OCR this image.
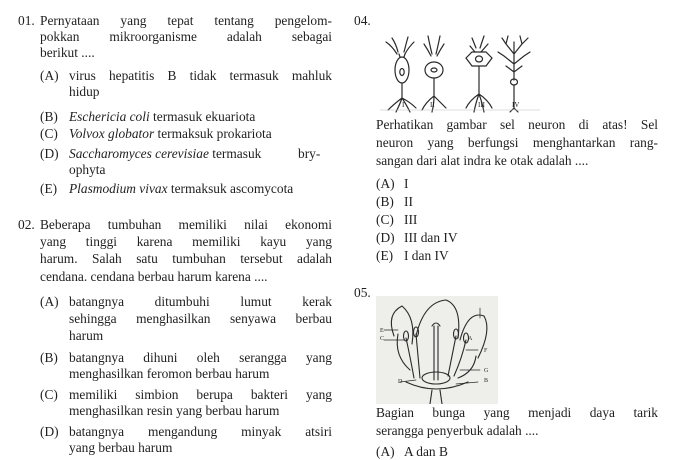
01. Pernyataan yang tepat tentang pengelom-
pokkan mikroorganisme adalah sebagai
berikut ....
(A) virus hepatitis B tidak termasuk mahluk
hidup
(B) Eschericia coli termasuk ekuariota
(C) Volvox globator termaksuk prokariota
(D) Saccharomyces cerevisiae termasuk	bry-
ophyta
(E) Plasmodium vivax termaksuk ascomycota
02. Beberapa tumbuhan memiliki nilai ekonomi
yang tinggi karena memiliki kayu yang
harum. Salah satu tumbuhan tersebut adalah
cendana. cendana berbau harum karena ....
(A) batangnya ditumbuhi lumut kerak
sehingga menghasilkan senyawa berbau
harum
(B) batangnya dihuni oleh serangga yang
menghasilkan feromon berbau harum
(C) memiliki simbion berupa bakteri yang
menghasilkan resin yang berbau harum
(D) batangnya mengandung minyak atsiri
yang berbau harum
04.
I	II	III	IV
Perhatikan gambar sel neuron di atas! Sel
neuron yang berfungsi menghantarkan rang-
sangan dari alat indra ke otak adalah ....
(A) I
(B) II
(C) III
(D) III dan IV
(E) I dan IV
05.
A
B
C
D
E
F
G
Bagian bunga yang menjadi daya tarik
serangga penyerbuk adalah ....
(A) A dan B
